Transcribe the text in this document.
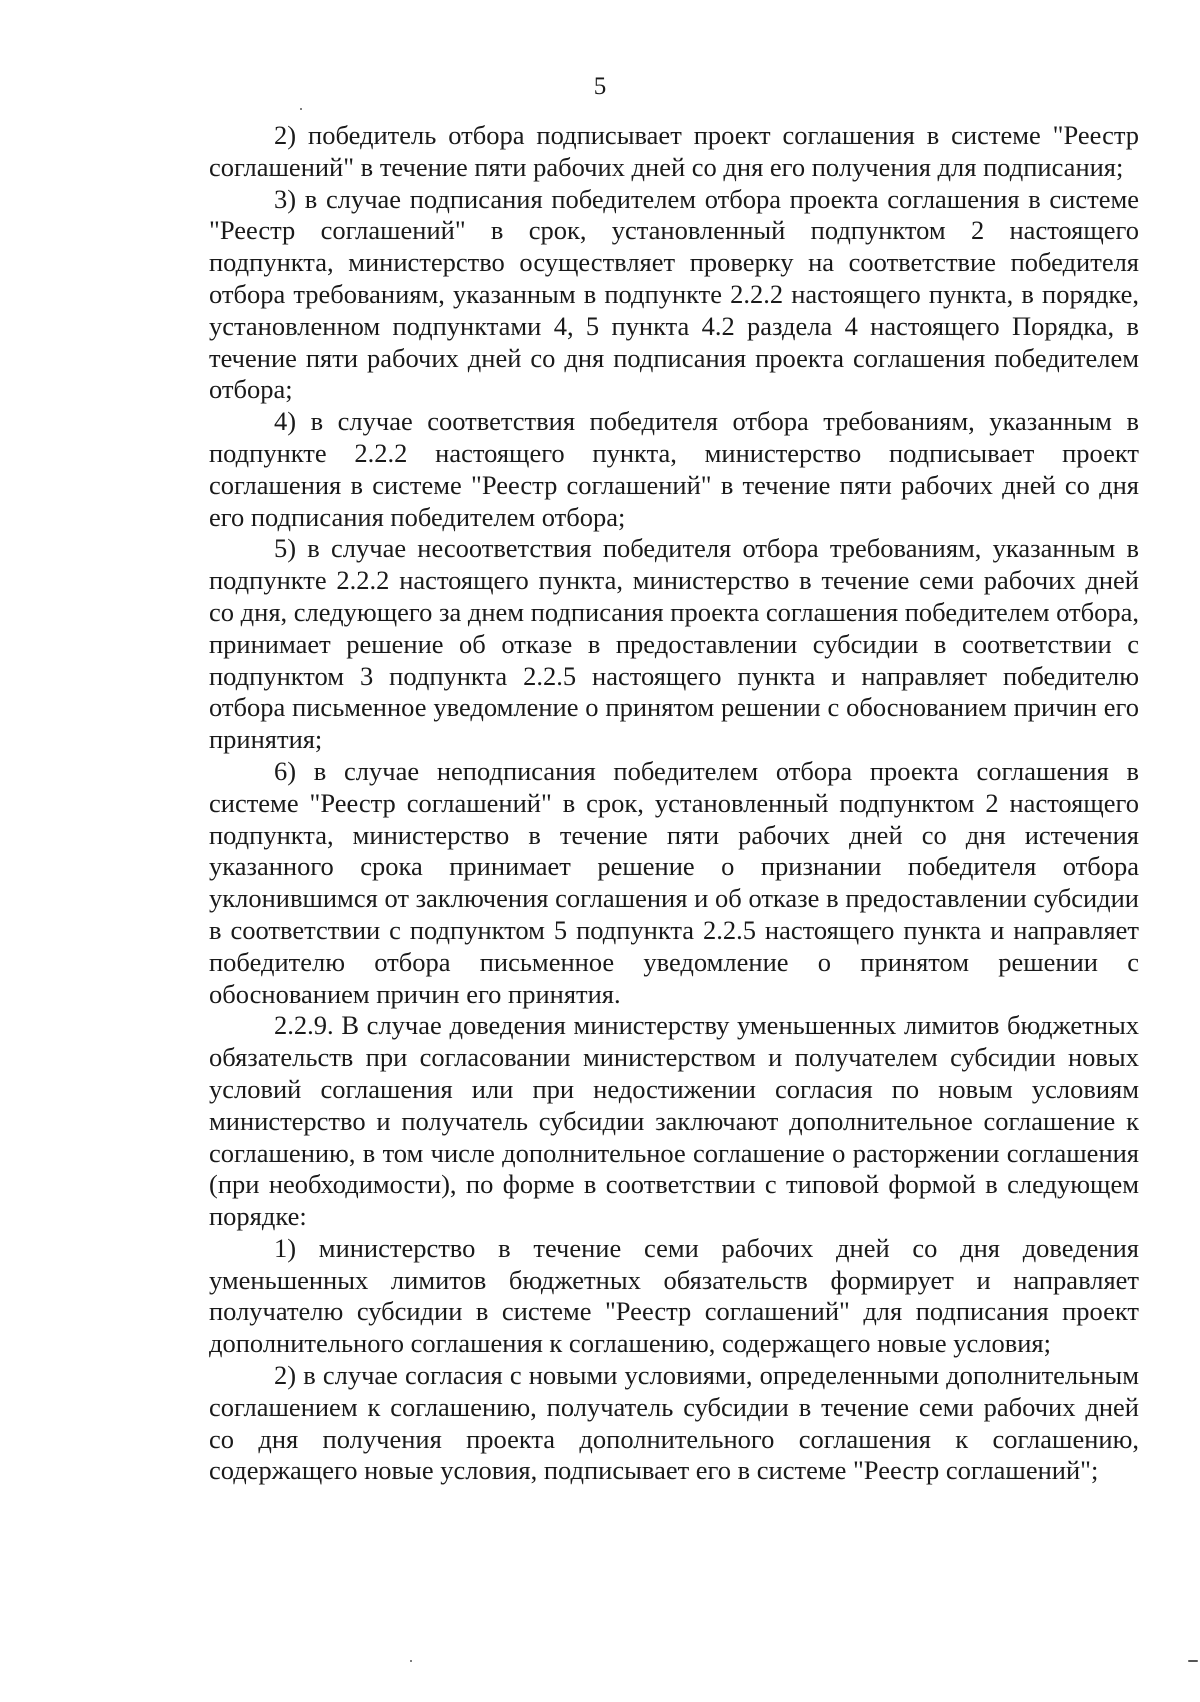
5

2) победитель отбора подписывает проект соглашения в системе "Реестр соглашений" в течение пяти рабочих дней со дня его получения для подписания;

3) в случае подписания победителем отбора проекта соглашения в системе "Реестр соглашений" в срок, установленный подпунктом 2 настоящего подпункта, министерство осуществляет проверку на соответствие победителя отбора требованиям, указанным в подпункте 2.2.2 настоящего пункта, в порядке, установленном подпунктами 4, 5 пункта 4.2 раздела 4 настоящего Порядка, в течение пяти рабочих дней со дня подписания проекта соглашения победителем отбора;

4) в случае соответствия победителя отбора требованиям, указанным в подпункте 2.2.2 настоящего пункта, министерство подписывает проект соглашения в системе "Реестр соглашений" в течение пяти рабочих дней со дня его подписания победителем отбора;

5) в случае несоответствия победителя отбора требованиям, указанным в подпункте 2.2.2 настоящего пункта, министерство в течение семи рабочих дней со дня, следующего за днем подписания проекта соглашения победителем отбора, принимает решение об отказе в предоставлении субсидии в соответствии с подпунктом 3 подпункта 2.2.5 настоящего пункта и направляет победителю отбора письменное уведомление о принятом решении с обоснованием причин его принятия;

6) в случае неподписания победителем отбора проекта соглашения в системе "Реестр соглашений" в срок, установленный подпунктом 2 настоящего подпункта, министерство в течение пяти рабочих дней со дня истечения указанного срока принимает решение о признании победителя отбора уклонившимся от заключения соглашения и об отказе в предоставлении субсидии в соответствии с подпунктом 5 подпункта 2.2.5 настоящего пункта и направляет победителю отбора письменное уведомление о принятом решении с обоснованием причин его принятия.

2.2.9. В случае доведения министерству уменьшенных лимитов бюджетных обязательств при согласовании министерством и получателем субсидии новых условий соглашения или при недостижении согласия по новым условиям министерство и получатель субсидии заключают дополнительное соглашение к соглашению, в том числе дополнительное соглашение о расторжении соглашения (при необходимости), по форме в соответствии с типовой формой в следующем порядке:

1) министерство в течение семи рабочих дней со дня доведения уменьшенных лимитов бюджетных обязательств формирует и направляет получателю субсидии в системе "Реестр соглашений" для подписания проект дополнительного соглашения к соглашению, содержащего новые условия;

2) в случае согласия с новыми условиями, определенными дополнительным соглашением к соглашению, получатель субсидии в течение семи рабочих дней со дня получения проекта дополнительного соглашения к соглашению, содержащего новые условия, подписывает его в системе "Реестр соглашений";
